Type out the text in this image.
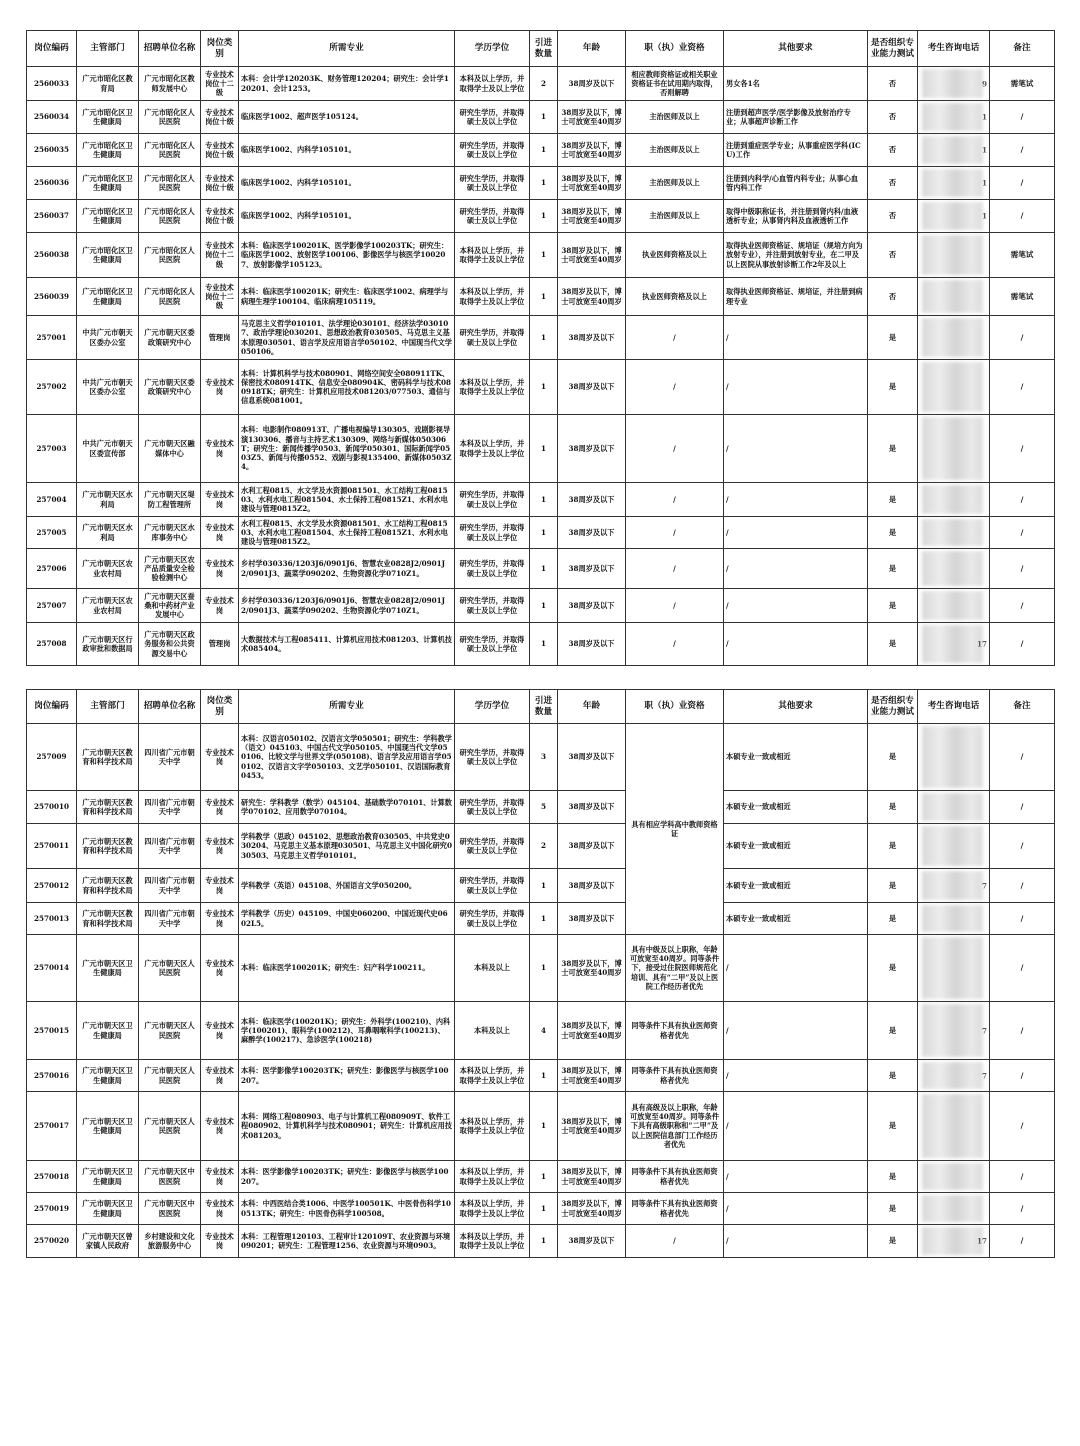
岗位编码	主管部门	招聘单位名称	岗位类别	所需专业	学历学位	引进数量	年龄	职（执）业资格	其他要求	是否组织专业能力测试	考生咨询电话	备注
2560033	广元市昭化区教育局	广元市昭化区教师发展中心	专业技术岗位十二级	本科：会计学120203K、财务管理120204；研究生：会计学120201、会计1253。	本科及以上学历，并取得学士及以上学位	2	38周岁及以下	相应教师资格证或相关职业资格证书在试用期内取得，否则解聘	男女各1名	否	9	需笔试
2560034	广元市昭化区卫生健康局	广元市昭化区人民医院	专业技术岗位十级	临床医学1002、超声医学105124。	研究生学历，并取得硕士及以上学位	1	38周岁及以下，博士可放宽至40周岁	主治医师及以上	注册到超声医学/医学影像及放射治疗专业；从事超声诊断工作	否	1	/
2560035	广元市昭化区卫生健康局	广元市昭化区人民医院	专业技术岗位十级	临床医学1002、内科学105101。	研究生学历，并取得硕士及以上学位	1	38周岁及以下，博士可放宽至40周岁	主治医师及以上	注册到重症医学专业；从事重症医学科(ICU)工作	否	1	/
2560036	广元市昭化区卫生健康局	广元市昭化区人民医院	专业技术岗位十级	临床医学1002、内科学105101。	研究生学历，并取得硕士及以上学位	1	38周岁及以下，博士可放宽至40周岁	主治医师及以上	注册到内科学/心血管内科专业；从事心血管内科工作	否	1	/
2560037	广元市昭化区卫生健康局	广元市昭化区人民医院	专业技术岗位十级	临床医学1002、内科学105101。	研究生学历，并取得硕士及以上学位	1	38周岁及以下，博士可放宽至40周岁	主治医师及以上	取得中级职称证书，并注册到肾内科/血液透析专业；从事肾内科及血液透析工作	否	1	/
2560038	广元市昭化区卫生健康局	广元市昭化区人民医院	专业技术岗位十二级	本科：临床医学100201K、医学影像学100203TK；研究生：临床医学1002、放射医学100106、影像医学与核医学100207、放射影像学105123。	本科及以上学历，并取得学士及以上学位	1	38周岁及以下，博士可放宽至40周岁	执业医师资格及以上	取得执业医师资格证、规培证（规培方向为放射专业），并注册到放射专业，在二甲及以上医院从事放射诊断工作2年及以上	否		需笔试
2560039	广元市昭化区卫生健康局	广元市昭化区人民医院	专业技术岗位十二级	本科：临床医学100201K；研究生：临床医学1002、病理学与病理生理学100104、临床病理105119。	本科及以上学历，并取得学士及以上学位	1	38周岁及以下，博士可放宽至40周岁	执业医师资格及以上	取得执业医师资格证、规培证，并注册到病理专业	否		需笔试
257001	中共广元市朝天区委办公室	广元市朝天区委政策研究中心	管理岗	马克思主义哲学010101、法学理论030101、经济法学030107、政治学理论030201、思想政治教育030505、马克思主义基本原理030501、语言学及应用语言学050102、中国现当代文学050106。	研究生学历，并取得硕士及以上学位	1	38周岁及以下	/	/	是		/
257002	中共广元市朝天区委办公室	广元市朝天区委政策研究中心	专业技术岗	本科：计算机科学与技术080901、网络空间安全080911TK、保密技术080914TK、信息安全080904K、密码科学与技术080918TK；研究生：计算机应用技术081203/077503、通信与信息系统081001。	本科及以上学历，并取得学士及以上学位	1	38周岁及以下	/	/	是		/
257003	中共广元市朝天区委宣传部	广元市朝天区融媒体中心	专业技术岗	本科：电影制作080913T、广播电视编导130305、戏剧影视导演130306、播音与主持艺术130309、网络与新媒体050306T；研究生：新闻传播学0503、新闻学050301、国际新闻学0503Z5、新闻与传播0552、戏剧与影视135400、新媒体0503Z4。	本科及以上学历，并取得学士及以上学位	1	38周岁及以下	/	/	是		/
257004	广元市朝天区水利局	广元市朝天区堤防工程管理所	专业技术岗	水利工程0815、水文学及水资源081501、水工结构工程081503、水利水电工程081504、水土保持工程0815Z1、水利水电建设与管理0815Z2。	研究生学历，并取得硕士及以上学位	1	38周岁及以下	/	/	是		/
257005	广元市朝天区水利局	广元市朝天区水库事务中心	专业技术岗	水利工程0815、水文学及水资源081501、水工结构工程081503、水利水电工程081504、水土保持工程0815Z1、水利水电建设与管理0815Z2。	研究生学历，并取得硕士及以上学位	1	38周岁及以下	/	/	是		/
257006	广元市朝天区农业农村局	广元市朝天区农产品质量安全检验检测中心	专业技术岗	乡村学030336/1203J6/0901J6、智慧农业0828J2/0901J2/0901J3、蔬菜学090202、生物资源化学0710Z1。	研究生学历，并取得硕士及以上学位	1	38周岁及以下	/	/	是		/
257007	广元市朝天区农业农村局	广元市朝天区蚕桑和中药材产业发展中心	专业技术岗	乡村学030336/1203J6/0901J6、智慧农业0828J2/0901J2/0901J3、蔬菜学090202、生物资源化学0710Z1。	研究生学历，并取得硕士及以上学位	1	38周岁及以下	/	/	是		/
257008	广元市朝天区行政审批和数据局	广元市朝天区政务服务和公共资源交易中心	管理岗	大数据技术与工程085411、计算机应用技术081203、计算机技术085404。	研究生学历，并取得硕士及以上学位	1	38周岁及以下	/	/	是	17	/
岗位编码	主管部门	招聘单位名称	岗位类别	所需专业	学历学位	引进数量	年龄	职（执）业资格	其他要求	是否组织专业能力测试	考生咨询电话	备注
257009	广元市朝天区教育和科学技术局	四川省广元市朝天中学	专业技术岗	本科：汉语言050102、汉语言文学050501；研究生：学科教学（语文）045103、中国古代文学050105、中国现当代文学050106、比较文学与世界文学(050108)、语言学及应用语言学050102、汉语言文字学050103、文艺学050101、汉语国际教育0453。	研究生学历，并取得硕士及以上学位	3	38周岁及以下	具有相应学科高中教师资格证	本硕专业一致或相近	是		/
2570010	广元市朝天区教育和科学技术局	四川省广元市朝天中学	专业技术岗	研究生：学科教学（数学）045104、基础数学070101、计算数学070102、应用数学070104。	研究生学历，并取得硕士及以上学位	5	38周岁及以下		本硕专业一致或相近	是		/
2570011	广元市朝天区教育和科学技术局	四川省广元市朝天中学	专业技术岗	学科教学（思政）045102、思想政治教育030505、中共党史030204、马克思主义基本原理030501、马克思主义中国化研究030503、马克思主义哲学010101。	研究生学历，并取得硕士及以上学位	2	38周岁及以下		本硕专业一致或相近	是		/
2570012	广元市朝天区教育和科学技术局	四川省广元市朝天中学	专业技术岗	学科教学（英语）045108、外国语言文学050200。	研究生学历，并取得硕士及以上学位	1	38周岁及以下		本硕专业一致或相近	是	7	/
2570013	广元市朝天区教育和科学技术局	四川省广元市朝天中学	专业技术岗	学科教学（历史）045109、中国史060200、中国近现代史0602L5。	研究生学历，并取得硕士及以上学位	1	38周岁及以下		本硕专业一致或相近	是		/
2570014	广元市朝天区卫生健康局	广元市朝天区人民医院	专业技术岗	本科：临床医学100201K；研究生：妇产科学100211。	本科及以上	1	38周岁及以下，博士可放宽至40周岁	具有中级及以上职称，年龄可放宽至40周岁。同等条件下，接受过住院医师规范化培训、具有“二甲”及以上医院工作经历者优先	/	是		/
2570015	广元市朝天区卫生健康局	广元市朝天区人民医院	专业技术岗	本科：临床医学(100201K)；研究生：外科学(100210)、内科学(100201)、眼科学(100212)、耳鼻咽喉科学(100213)、麻醉学(100217)、急诊医学(100218)	本科及以上	4	38周岁及以下，博士可放宽至40周岁	同等条件下具有执业医师资格者优先	/	是	7	/
2570016	广元市朝天区卫生健康局	广元市朝天区人民医院	专业技术岗	本科：医学影像学100203TK；研究生：影像医学与核医学100207。	本科及以上学历，并取得学士及以上学位	1	38周岁及以下，博士可放宽至40周岁	同等条件下具有执业医师资格者优先	/	是	7	/
2570017	广元市朝天区卫生健康局	广元市朝天区人民医院	专业技术岗	本科：网络工程080903、电子与计算机工程080909T、软件工程080902、计算机科学与技术080901；研究生：计算机应用技术081203。	本科及以上学历，并取得学士及以上学位	1	38周岁及以下，博士可放宽至40周岁	具有高级及以上职称，年龄可放宽至40周岁。同等条件下具有高级职称和“二甲”及以上医院信息部门工作经历者优先	/	是		/
2570018	广元市朝天区卫生健康局	广元市朝天区中医医院	专业技术岗	本科：医学影像学100203TK；研究生：影像医学与核医学100207。	本科及以上学历，并取得学士及以上学位	1	38周岁及以下，博士可放宽至40周岁	同等条件下具有执业医师资格者优先	/	是		/
2570019	广元市朝天区卫生健康局	广元市朝天区中医医院	专业技术岗	本科：中西医结合类1006、中医学100501K、中医骨伤科学100513TK；研究生：中医骨伤科学100508。	本科及以上学历，并取得学士及以上学位	1	38周岁及以下，博士可放宽至40周岁	同等条件下具有执业医师资格者优先	/	是		/
2570020	广元市朝天区曾家镇人民政府	乡村建设和文化旅游服务中心	专业技术岗	本科：工程管理120103、工程审计120109T、农业资源与环境090201；研究生：工程管理1256、农业资源与环境0903。	本科及以上学历，并取得学士及以上学位	1	38周岁及以下	/	/	是	17	/
